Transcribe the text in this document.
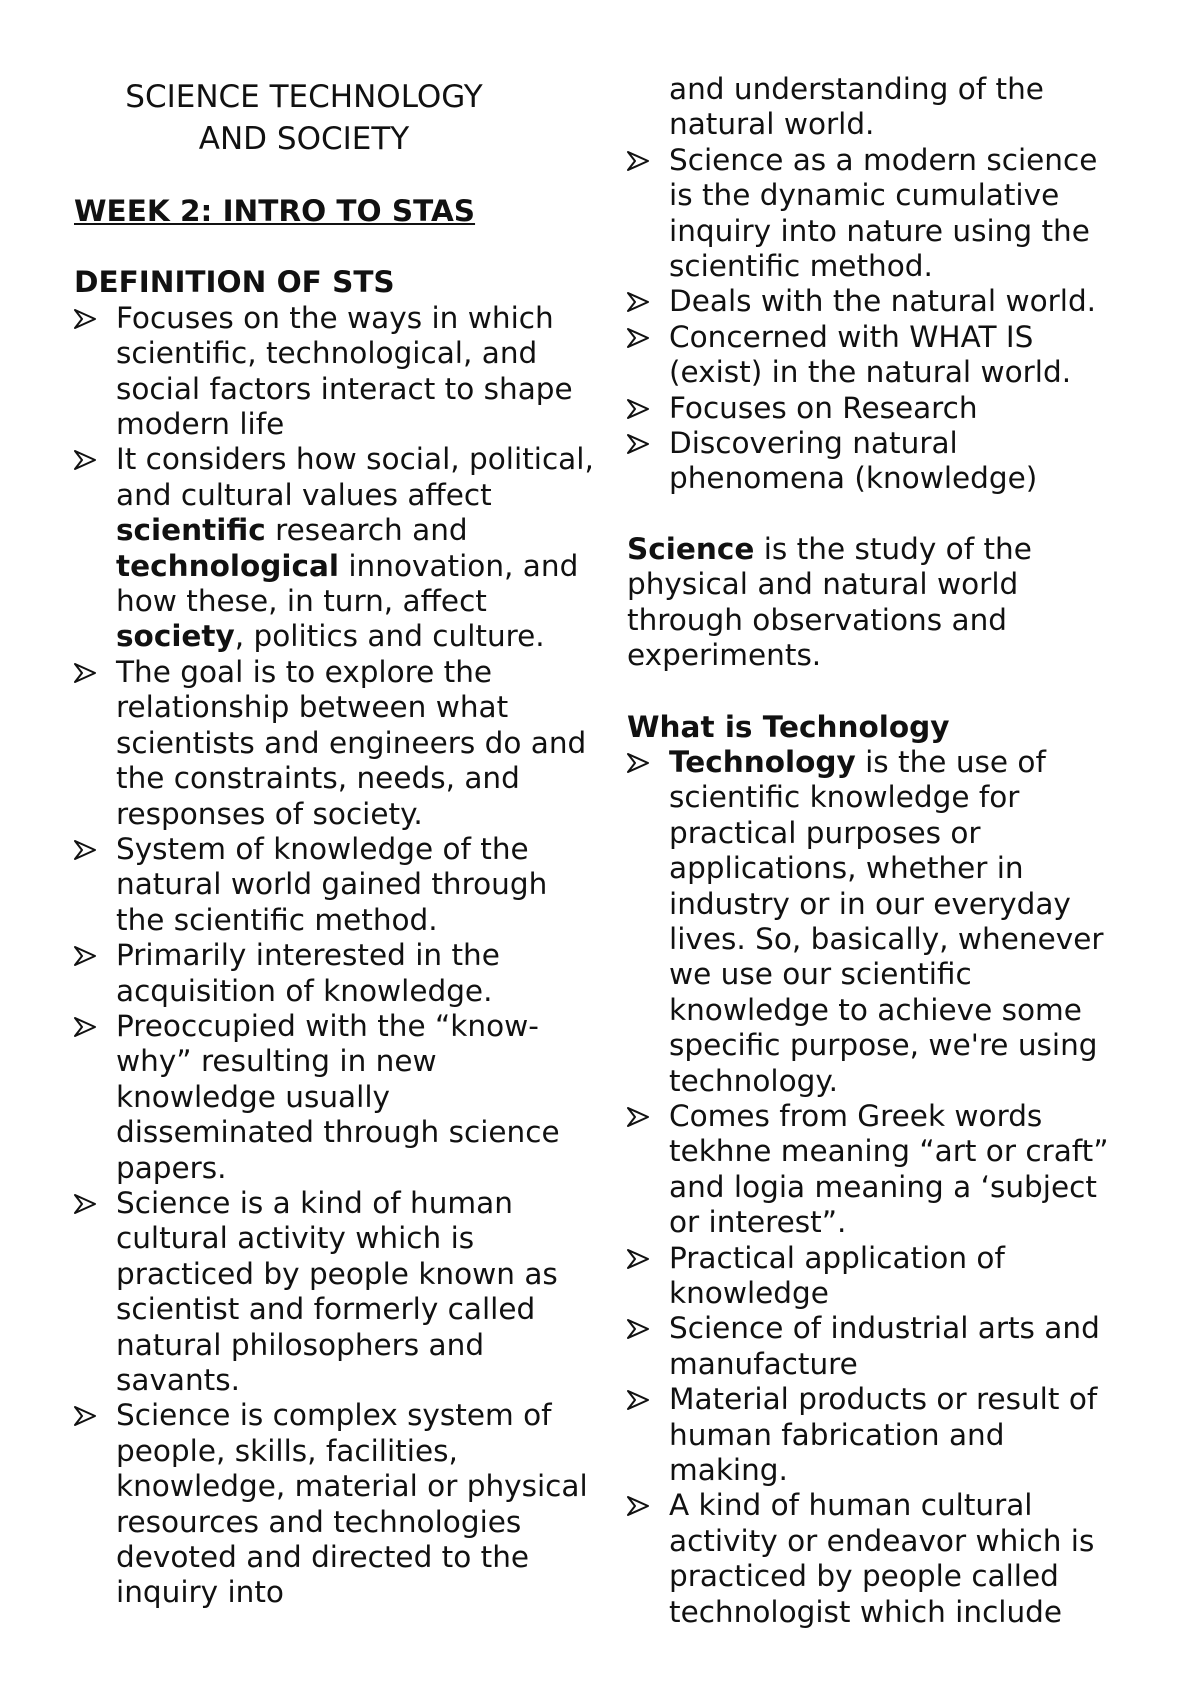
SCIENCE TECHNOLOGY
AND SOCIETY
WEEK 2: INTRO TO STAS
DEFINITION OF STS
Focuses on the ways in which scientific, technological, and social factors interact to shape modern life
It considers how social, political, and cultural values affect scientific research and technological innovation, and how these, in turn, affect society, politics and culture.
The goal is to explore the relationship between what scientists and engineers do and the constraints, needs, and responses of society.
System of knowledge of the natural world gained through the scientific method.
Primarily interested in the acquisition of knowledge.
Preoccupied with the “know-why” resulting in new knowledge usually disseminated through science papers.
Science is a kind of human cultural activity which is practiced by people known as scientist and formerly called natural philosophers and savants.
Science is complex system of people, skills, facilities, knowledge, material or physical resources and technologies devoted and directed to the inquiry into
and understanding of the natural world.
Science as a modern science is the dynamic cumulative inquiry into nature using the scientific method.
Deals with the natural world.
Concerned with WHAT IS (exist) in the natural world.
Focuses on Research
Discovering natural phenomena (knowledge)
Science is the study of the physical and natural world through observations and experiments.
What is Technology
Technology is the use of scientific knowledge for practical purposes or applications, whether in industry or in our everyday lives. So, basically, whenever we use our scientific knowledge to achieve some specific purpose, we're using technology.
Comes from Greek words tekhne meaning “art or craft” and logia meaning a ‘subject or interest”.
Practical application of knowledge
Science of industrial arts and manufacture
Material products or result of human fabrication and making.
A kind of human cultural activity or endeavor which is practiced by people called technologist which include
